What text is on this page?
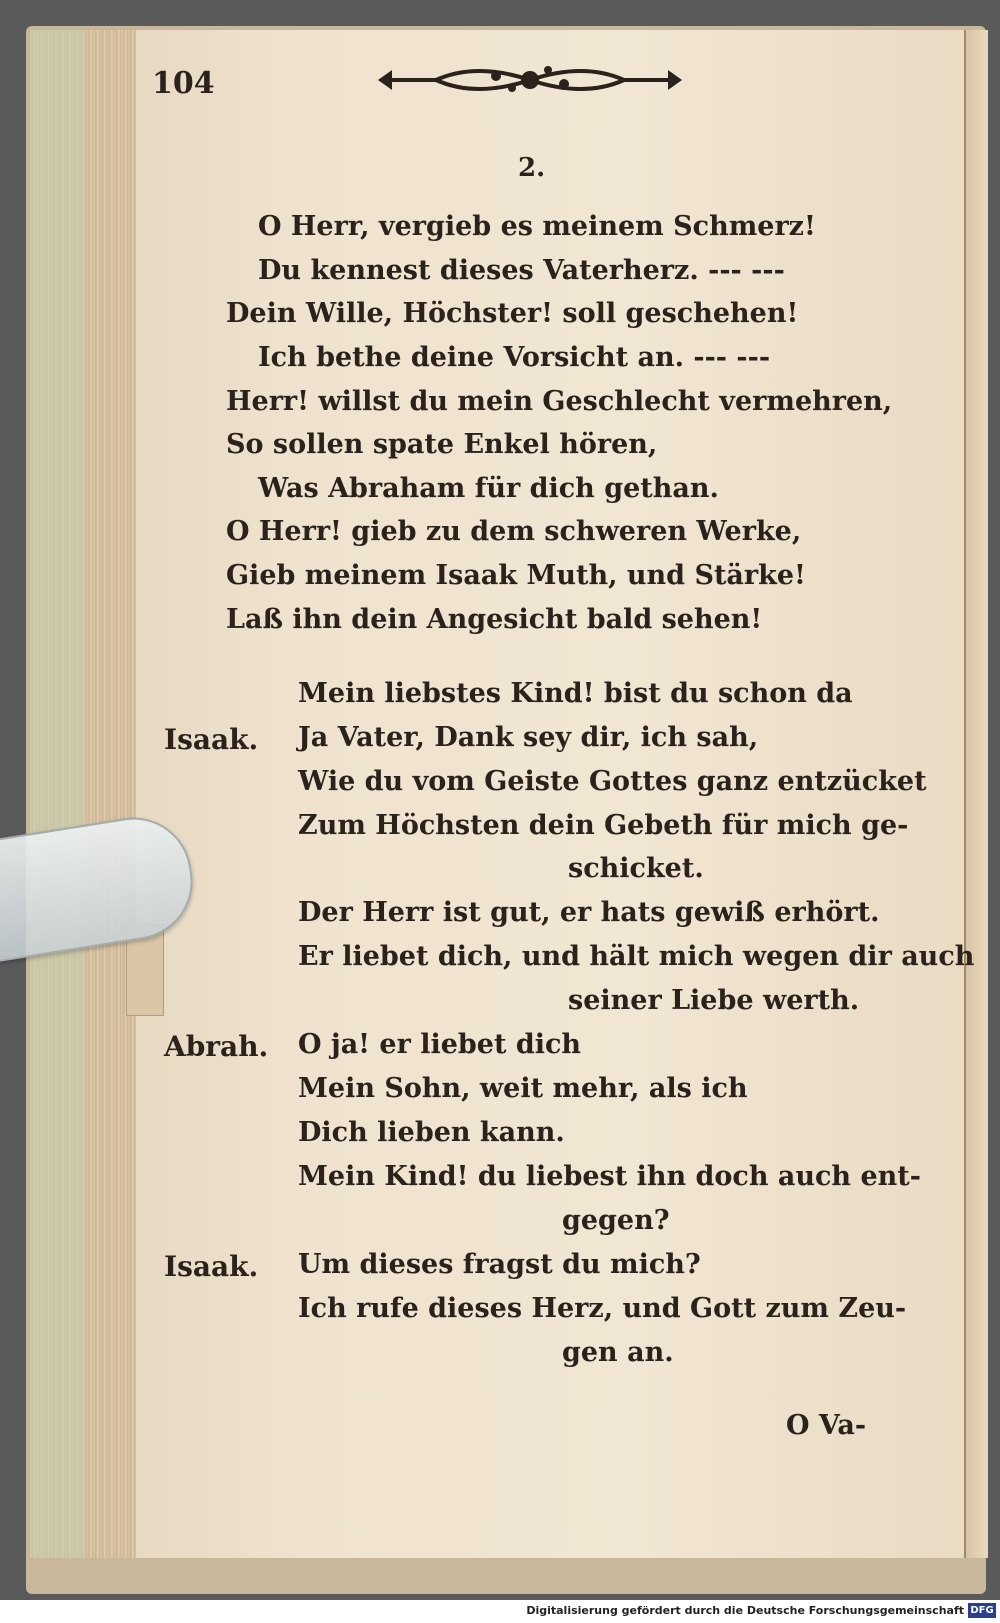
104
2.
O Herr, vergieb es meinem Schmerz!
Du kennest dieses Vaterherz. --- ---
Dein Wille, Höchster! soll geschehen!
Ich bethe deine Vorsicht an. --- ---
Herr! willst du mein Geschlecht vermehren,
So sollen spate Enkel hören,
Was Abraham für dich gethan.
O Herr! gieb zu dem schweren Werke,
Gieb meinem Isaak Muth, und Stärke!
Laß ihn dein Angesicht bald sehen!
Mein liebstes Kind! bist du schon da
Ja Vater, Dank sey dir, ich sah,
Isaak.
Wie du vom Geiste Gottes ganz entzücket
Zum Höchsten dein Gebeth für mich ge-
schicket.
Der Herr ist gut, er hats gewiß erhört.
Er liebet dich, und hält mich wegen dir auch
seiner Liebe werth.
O ja! er liebet dich
Abrah.
Mein Sohn, weit mehr, als ich
Dich lieben kann.
Mein Kind! du liebest ihn doch auch ent-
gegen?
Um dieses fragst du mich?
Isaak.
Ich rufe dieses Herz, und Gott zum Zeu-
gen an.
O Va-
Digitalisierung gefördert durch die Deutsche Forschungsgemeinschaft DFG
